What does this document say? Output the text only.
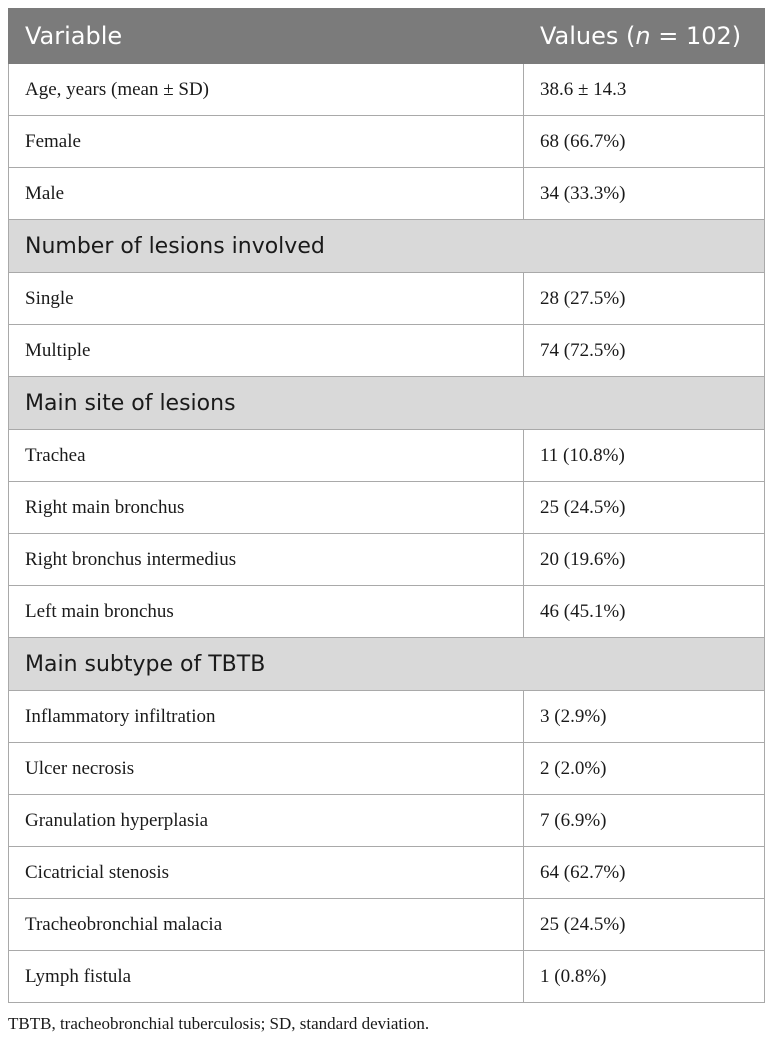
Variable	Values (n = 102)
Age, years (mean ± SD)	38.6 ± 14.3
Female	68 (66.7%)
Male	34 (33.3%)
Number of lesions involved	
Single	28 (27.5%)
Multiple	74 (72.5%)
Main site of lesions	
Trachea	11 (10.8%)
Right main bronchus	25 (24.5%)
Right bronchus intermedius	20 (19.6%)
Left main bronchus	46 (45.1%)
Main subtype of TBTB	
Inflammatory infiltration	3 (2.9%)
Ulcer necrosis	2 (2.0%)
Granulation hyperplasia	7 (6.9%)
Cicatricial stenosis	64 (62.7%)
Tracheobronchial malacia	25 (24.5%)
Lymph fistula	1 (0.8%)
TBTB, tracheobronchial tuberculosis; SD, standard deviation.
